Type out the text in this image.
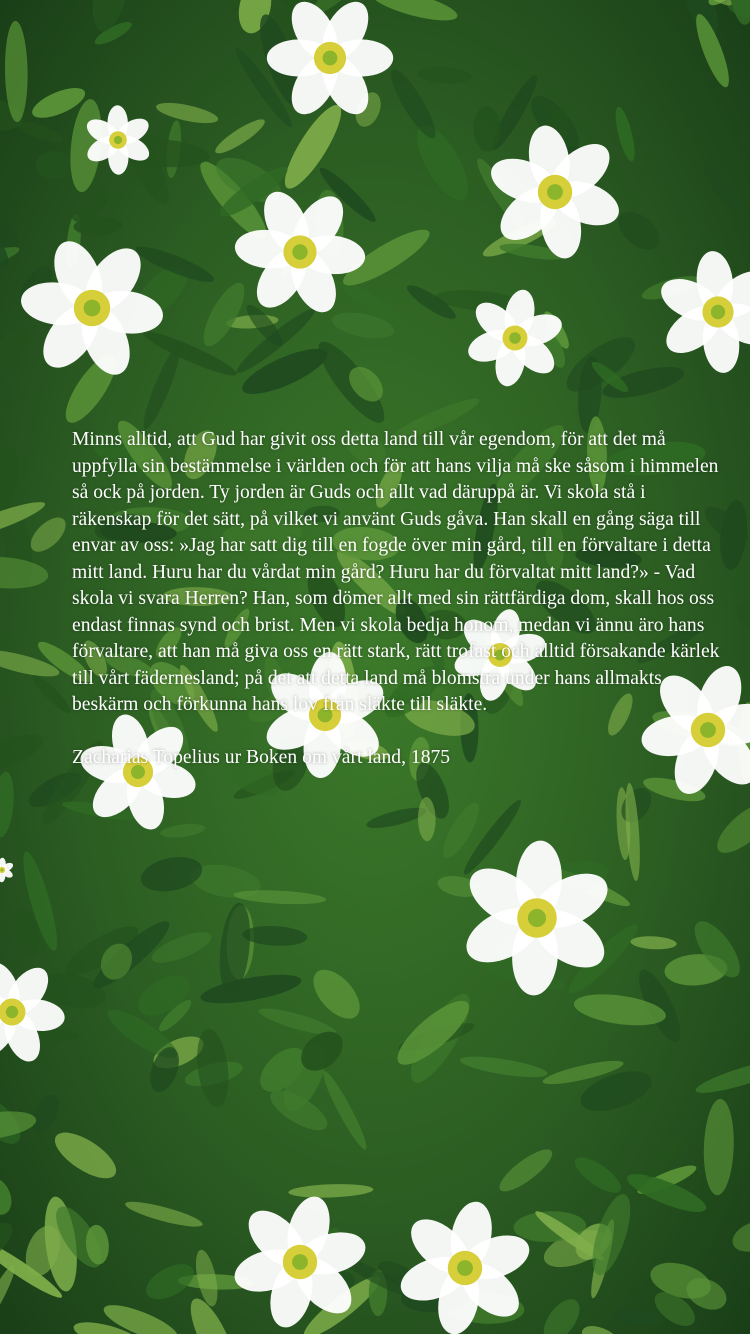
Minns alltid, att Gud har givit oss detta land till vår egendom, för att det må uppfylla sin bestämmelse i världen och för att hans vilja må ske såsom i himmelen så ock på jorden. Ty jorden är Guds och allt vad däruppå är. Vi skola stå i räkenskap för det sätt, på vilket vi använt Guds gåva. Han skall en gång säga till envar av oss: »Jag har satt dig till en fogde över min gård, till en förvaltare i detta mitt land. Huru har du vårdat min gård? Huru har du förvaltat mitt land?» - Vad skola vi svara Herren? Han, som dömer allt med sin rättfärdiga dom, skall hos oss endast finnas synd och brist. Men vi skola bedja honom, medan vi ännu äro hans förvaltare, att han må giva oss en rätt stark, rätt trofast och alltid försakande kärlek till vårt fädernesland; på det att detta land må blomstra under hans allmakts beskärm och förkunna hans lov från släkte till släkte.

Zacharias Topelius ur Boken om vårt land, 1875
